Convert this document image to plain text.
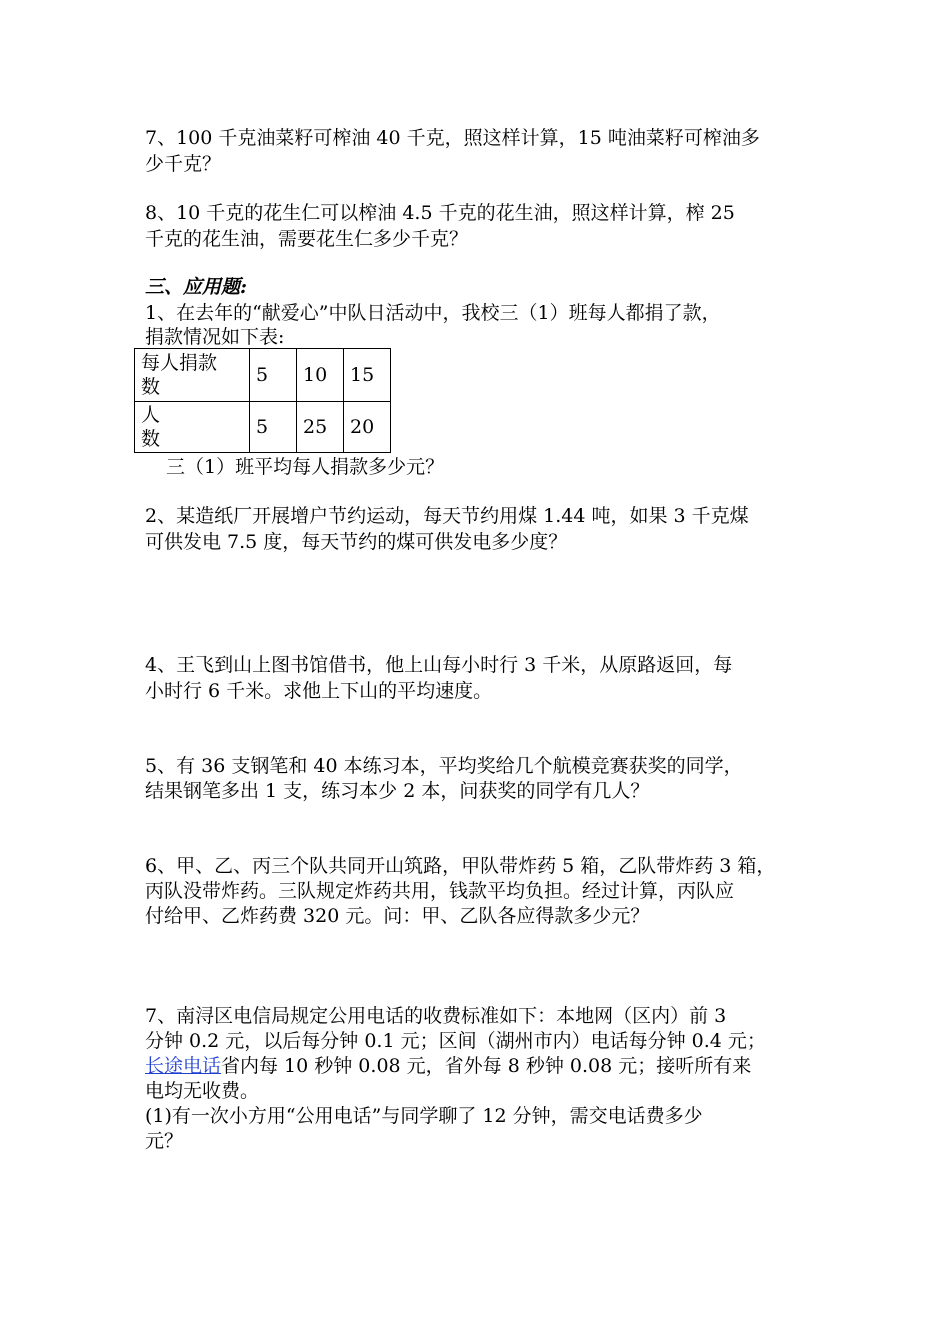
7、100 千克油菜籽可榨油 40 千克，照这样计算，15 吨油菜籽可榨油多
少千克？
8、10 千克的花生仁可以榨油 4.5 千克的花生油，照这样计算，榨 25
千克的花生油，需要花生仁多少千克？
三、应用题:
1、在去年的“献爱心”中队日活动中，我校三（1）班每人都捐了款，
捐款情况如下表:
每人捐款
数	5	10	15

人
数	5	25	20
三（1）班平均每人捐款多少元？
2、某造纸厂开展增户节约运动，每天节约用煤 1.44 吨，如果 3 千克煤
可供发电 7.5 度，每天节约的煤可供发电多少度？
4、王飞到山上图书馆借书，他上山每小时行 3 千米，从原路返回，每
小时行 6 千米。求他上下山的平均速度。
5、有 36 支钢笔和 40 本练习本，平均奖给几个航模竞赛获奖的同学，
结果钢笔多出 1 支，练习本少 2 本，问获奖的同学有几人？
6、甲、乙、丙三个队共同开山筑路，甲队带炸药 5 箱，乙队带炸药 3 箱，
丙队没带炸药。三队规定炸药共用，钱款平均负担。经过计算，丙队应
付给甲、乙炸药费 320 元。问：甲、乙队各应得款多少元？
7、南浔区电信局规定公用电话的收费标准如下：本地网（区内）前 3
分钟 0.2 元，以后每分钟 0.1 元；区间（湖州市内）电话每分钟 0.4 元；
长途电话省内每 10 秒钟 0.08 元，省外每 8 秒钟 0.08 元；接听所有来
电均无收费。
(1)有一次小方用“公用电话”与同学聊了 12 分钟，需交电话费多少
元？
